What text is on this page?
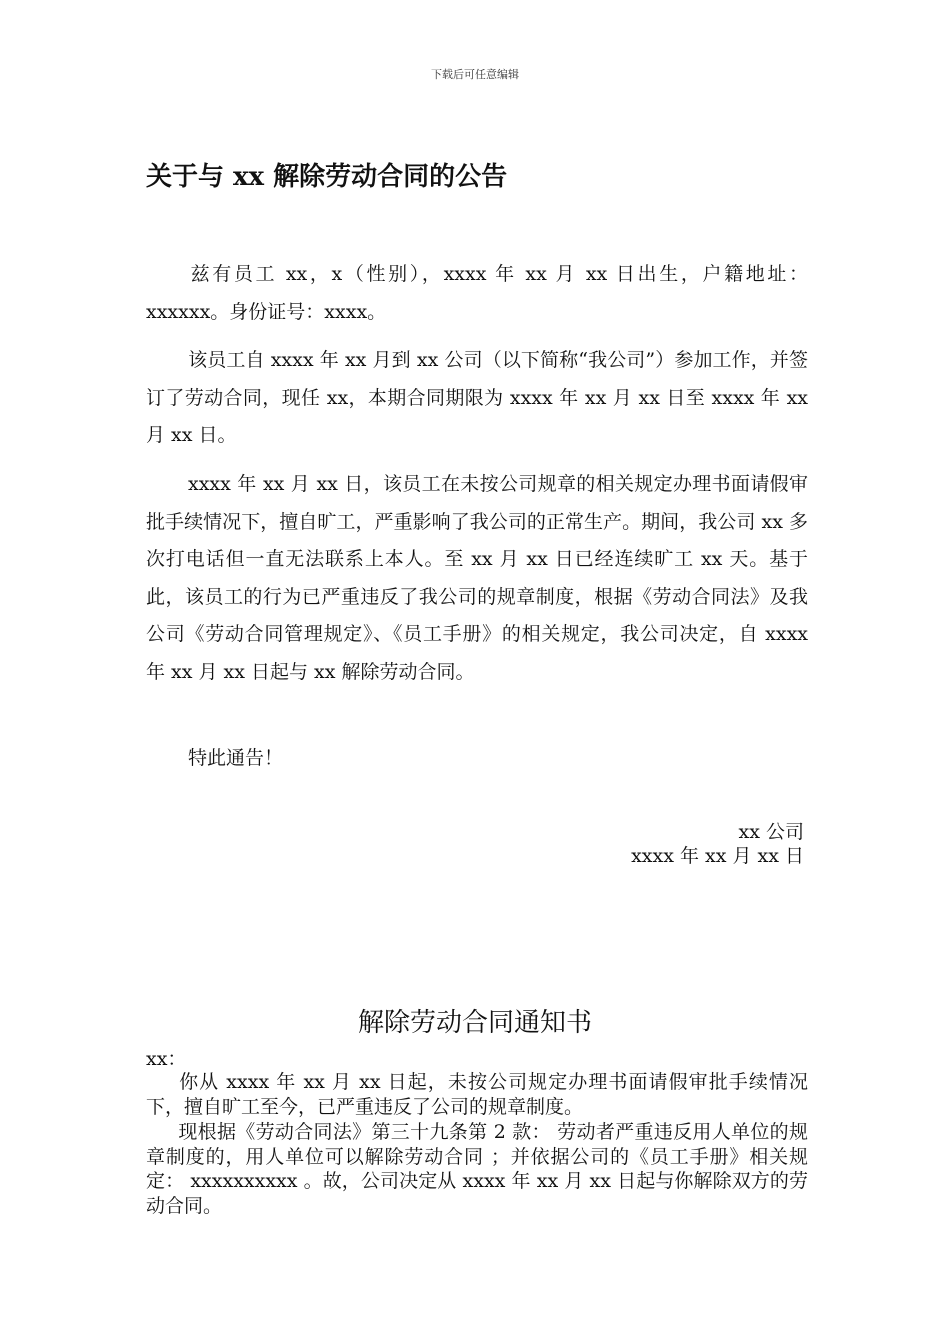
下载后可任意编辑
关于与 xx 解除劳动合同的公告

兹有员工 xx，x（性别），xxxx 年 xx 月 xx 日出生，户籍地址：xxxxxx。身份证号：xxxx。

该员工自 xxxx 年 xx 月到 xx 公司（以下简称“我公司”）参加工作，并签订了劳动合同，现任 xx，本期合同期限为 xxxx 年 xx 月 xx 日至 xxxx 年 xx 月 xx 日。

xxxx 年 xx 月 xx 日，该员工在未按公司规章的相关规定办理书面请假审批手续情况下，擅自旷工，严重影响了我公司的正常生产。期间，我公司 xx 多次打电话但一直无法联系上本人。至 xx 月 xx 日已经连续旷工 xx 天。基于此，该员工的行为已严重违反了我公司的规章制度，根据《劳动合同法》及我公司《劳动合同管理规定》、《员工手册》的相关规定，我公司决定，自 xxxx 年 xx 月 xx 日起与 xx 解除劳动合同。

特此通告！

xx 公司
xxxx 年 xx 月 xx 日
解除劳动合同通知书
xx：

你从 xxxx 年 xx 月 xx 日起，未按公司规定办理书面请假审批手续情况下，擅自旷工至今，已严重违反了公司的规章制度。

现根据《劳动合同法》第三十九条第 2 款： 劳动者严重违反用人单位的规章制度的，用人单位可以解除劳动合同 ；并依据公司的《员工手册》相关规定： xxxxxxxxxx 。故，公司决定从 xxxx 年 xx 月 xx 日起与你解除双方的劳动合同。
